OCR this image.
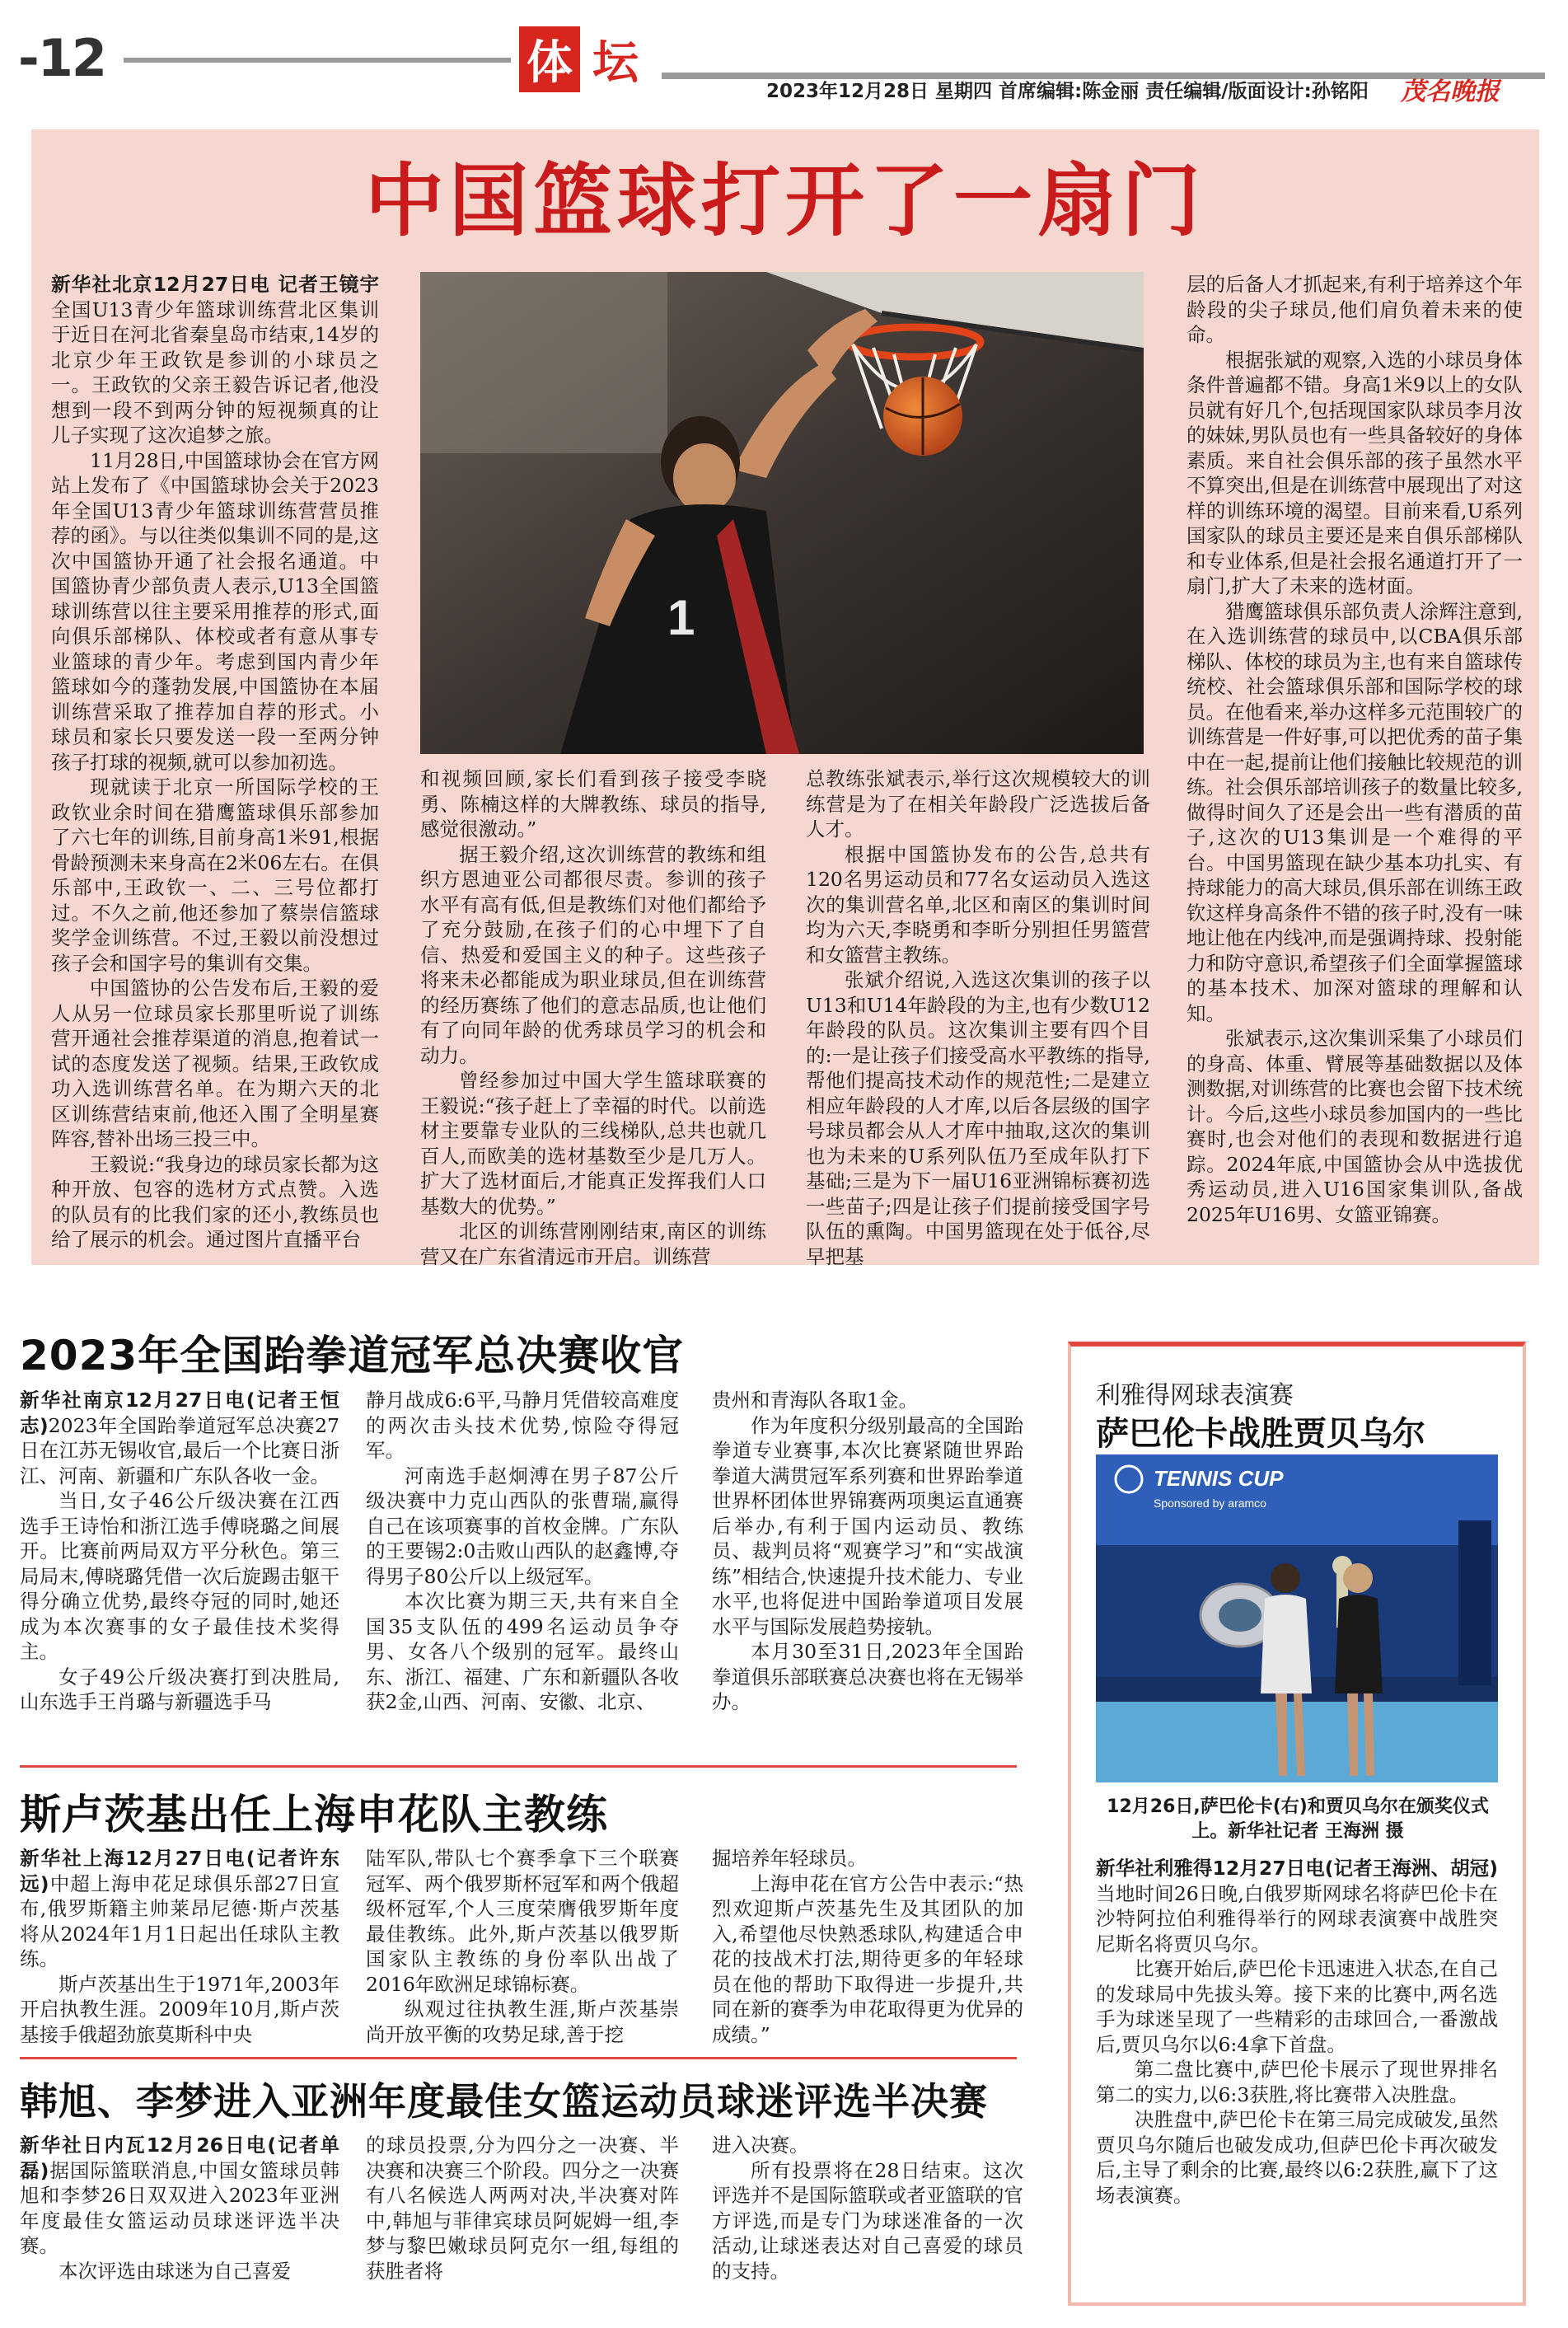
-12	体 坛
2023年12月28日 星期四 首席编辑:陈金丽 责任编辑/版面设计:孙铭阳 茂名晚报
中国篮球打开了一扇门

新华社北京12月27日电 记者王镜宇 全国U13青少年篮球训练营北区集训于近日在河北省秦皇岛市结束,14岁的北京少年王政钦是参训的小球员之一。王政钦的父亲王毅告诉记者,他没想到一段不到两分钟的短视频真的让儿子实现了这次追梦之旅。

11月28日,中国篮球协会在官方网站上发布了《中国篮球协会关于2023年全国U13青少年篮球训练营营员推荐的函》。与以往类似集训不同的是,这次中国篮协开通了社会报名通道。中国篮协青少部负责人表示,U13全国篮球训练营以往主要采用推荐的形式,面向俱乐部梯队、体校或者有意从事专业篮球的青少年。考虑到国内青少年篮球如今的蓬勃发展,中国篮协在本届训练营采取了推荐加自荐的形式。小球员和家长只要发送一段一至两分钟孩子打球的视频,就可以参加初选。

现就读于北京一所国际学校的王政钦业余时间在猎鹰篮球俱乐部参加了六七年的训练,目前身高1米91,根据骨龄预测未来身高在2米06左右。在俱乐部中,王政钦一、二、三号位都打过。不久之前,他还参加了蔡崇信篮球奖学金训练营。不过,王毅以前没想过孩子会和国字号的集训有交集。

中国篮协的公告发布后,王毅的爱人从另一位球员家长那里听说了训练营开通社会推荐渠道的消息,抱着试一试的态度发送了视频。结果,王政钦成功入选训练营名单。在为期六天的北区训练营结束前,他还入围了全明星赛阵容,替补出场三投三中。

王毅说:“我身边的球员家长都为这种开放、包容的选材方式点赞。入选的队员有的比我们家的还小,教练员也给了展示的机会。通过图片直播平台

1

和视频回顾,家长们看到孩子接受李晓勇、陈楠这样的大牌教练、球员的指导,感觉很激动。”

据王毅介绍,这次训练营的教练和组织方恩迪亚公司都很尽责。参训的孩子水平有高有低,但是教练们对他们都给予了充分鼓励,在孩子们的心中埋下了自信、热爱和爱国主义的种子。这些孩子将来未必都能成为职业球员,但在训练营的经历赛练了他们的意志品质,也让他们有了向同年龄的优秀球员学习的机会和动力。

曾经参加过中国大学生篮球联赛的王毅说:“孩子赶上了幸福的时代。以前选材主要靠专业队的三线梯队,总共也就几百人,而欧美的选材基数至少是几万人。扩大了选材面后,才能真正发挥我们人口基数大的优势。”

北区的训练营刚刚结束,南区的训练营又在广东省清远市开启。训练营

总教练张斌表示,举行这次规模较大的训练营是为了在相关年龄段广泛选拔后备人才。

根据中国篮协发布的公告,总共有120名男运动员和77名女运动员入选这次的集训营名单,北区和南区的集训时间均为六天,李晓勇和李昕分别担任男篮营和女篮营主教练。

张斌介绍说,入选这次集训的孩子以U13和U14年龄段的为主,也有少数U12年龄段的队员。这次集训主要有四个目的:一是让孩子们接受高水平教练的指导,帮他们提高技术动作的规范性;二是建立相应年龄段的人才库,以后各层级的国字号球员都会从人才库中抽取,这次的集训也为未来的U系列队伍乃至成年队打下基础;三是为下一届U16亚洲锦标赛初选一些苗子;四是让孩子们提前接受国字号队伍的熏陶。中国男篮现在处于低谷,尽早把基

层的后备人才抓起来,有利于培养这个年龄段的尖子球员,他们肩负着未来的使命。

根据张斌的观察,入选的小球员身体条件普遍都不错。身高1米9以上的女队员就有好几个,包括现国家队球员李月汝的妹妹,男队员也有一些具备较好的身体素质。来自社会俱乐部的孩子虽然水平不算突出,但是在训练营中展现出了对这样的训练环境的渴望。目前来看,U系列国家队的球员主要还是来自俱乐部梯队和专业体系,但是社会报名通道打开了一扇门,扩大了未来的选材面。

猎鹰篮球俱乐部负责人涂辉注意到,在入选训练营的球员中,以CBA俱乐部梯队、体校的球员为主,也有来自篮球传统校、社会篮球俱乐部和国际学校的球员。在他看来,举办这样多元范围较广的训练营是一件好事,可以把优秀的苗子集中在一起,提前让他们接触比较规范的训练。社会俱乐部培训孩子的数量比较多,做得时间久了还是会出一些有潜质的苗子,这次的U13集训是一个难得的平台。中国男篮现在缺少基本功扎实、有持球能力的高大球员,俱乐部在训练王政钦这样身高条件不错的孩子时,没有一味地让他在内线冲,而是强调持球、投射能力和防守意识,希望孩子们全面掌握篮球的基本技术、加深对篮球的理解和认知。

张斌表示,这次集训采集了小球员们的身高、体重、臂展等基础数据以及体测数据,对训练营的比赛也会留下技术统计。今后,这些小球员参加国内的一些比赛时,也会对他们的表现和数据进行追踪。2024年底,中国篮协会从中选拔优秀运动员,进入U16国家集训队,备战2025年U16男、女篮亚锦赛。

2023年全国跆拳道冠军总决赛收官

新华社南京12月27日电(记者王恒志)2023年全国跆拳道冠军总决赛27日在江苏无锡收官,最后一个比赛日浙江、河南、新疆和广东队各收一金。

当日,女子46公斤级决赛在江西选手王诗怡和浙江选手傅晓璐之间展开。比赛前两局双方平分秋色。第三局局末,傅晓璐凭借一次后旋踢击躯干得分确立优势,最终夺冠的同时,她还成为本次赛事的女子最佳技术奖得主。

女子49公斤级决赛打到决胜局,山东选手王肖璐与新疆选手马

静月战成6:6平,马静月凭借较高难度的两次击头技术优势,惊险夺得冠军。

河南选手赵炯溥在男子87公斤级决赛中力克山西队的张曹瑞,赢得自己在该项赛事的首枚金牌。广东队的王要锡2:0击败山西队的赵鑫博,夺得男子80公斤以上级冠军。

本次比赛为期三天,共有来自全国35支队伍的499名运动员争夺男、女各八个级别的冠军。最终山东、浙江、福建、广东和新疆队各收获2金,山西、河南、安徽、北京、

贵州和青海队各取1金。

作为年度积分级别最高的全国跆拳道专业赛事,本次比赛紧随世界跆拳道大满贯冠军系列赛和世界跆拳道世界杯团体世界锦赛两项奥运直通赛后举办,有利于国内运动员、教练员、裁判员将“观赛学习”和“实战演练”相结合,快速提升技术能力、专业水平,也将促进中国跆拳道项目发展水平与国际发展趋势接轨。

本月30至31日,2023年全国跆拳道俱乐部联赛总决赛也将在无锡举办。

斯卢茨基出任上海申花队主教练

新华社上海12月27日电(记者许东远)中超上海申花足球俱乐部27日宣布,俄罗斯籍主帅莱昂尼德·斯卢茨基将从2024年1月1日起出任球队主教练。

斯卢茨基出生于1971年,2003年开启执教生涯。2009年10月,斯卢茨基接手俄超劲旅莫斯科中央

陆军队,带队七个赛季拿下三个联赛冠军、两个俄罗斯杯冠军和两个俄超级杯冠军,个人三度荣膺俄罗斯年度最佳教练。此外,斯卢茨基以俄罗斯国家队主教练的身份率队出战了2016年欧洲足球锦标赛。

纵观过往执教生涯,斯卢茨基崇尚开放平衡的攻势足球,善于挖

掘培养年轻球员。

上海申花在官方公告中表示:“热烈欢迎斯卢茨基先生及其团队的加入,希望他尽快熟悉球队,构建适合申花的技战术打法,期待更多的年轻球员在他的帮助下取得进一步提升,共同在新的赛季为申花取得更为优异的成绩。”

韩旭、李梦进入亚洲年度最佳女篮运动员球迷评选半决赛

新华社日内瓦12月26日电(记者单磊)据国际篮联消息,中国女篮球员韩旭和李梦26日双双进入2023年亚洲年度最佳女篮运动员球迷评选半决赛。

本次评选由球迷为自己喜爱

的球员投票,分为四分之一决赛、半决赛和决赛三个阶段。四分之一决赛有八名候选人两两对决,半决赛对阵中,韩旭与菲律宾球员阿妮姆一组,李梦与黎巴嫩球员阿克尔一组,每组的获胜者将

进入决赛。

所有投票将在28日结束。这次评选并不是国际篮联或者亚篮联的官方评选,而是专门为球迷准备的一次活动,让球迷表达对自己喜爱的球员的支持。

利雅得网球表演赛
萨巴伦卡战胜贾贝乌尔
TENNIS CUP
Sponsored by aramco
12月26日,萨巴伦卡(右)和贾贝乌尔在颁奖仪式上。新华社记者 王海洲 摄

新华社利雅得12月27日电(记者王海洲、胡冠) 当地时间26日晚,白俄罗斯网球名将萨巴伦卡在沙特阿拉伯利雅得举行的网球表演赛中战胜突尼斯名将贾贝乌尔。

比赛开始后,萨巴伦卡迅速进入状态,在自己的发球局中先拔头筹。接下来的比赛中,两名选手为球迷呈现了一些精彩的击球回合,一番激战后,贾贝乌尔以6:4拿下首盘。

第二盘比赛中,萨巴伦卡展示了现世界排名第二的实力,以6:3获胜,将比赛带入决胜盘。

决胜盘中,萨巴伦卡在第三局完成破发,虽然贾贝乌尔随后也破发成功,但萨巴伦卡再次破发后,主导了剩余的比赛,最终以6:2获胜,赢下了这场表演赛。
